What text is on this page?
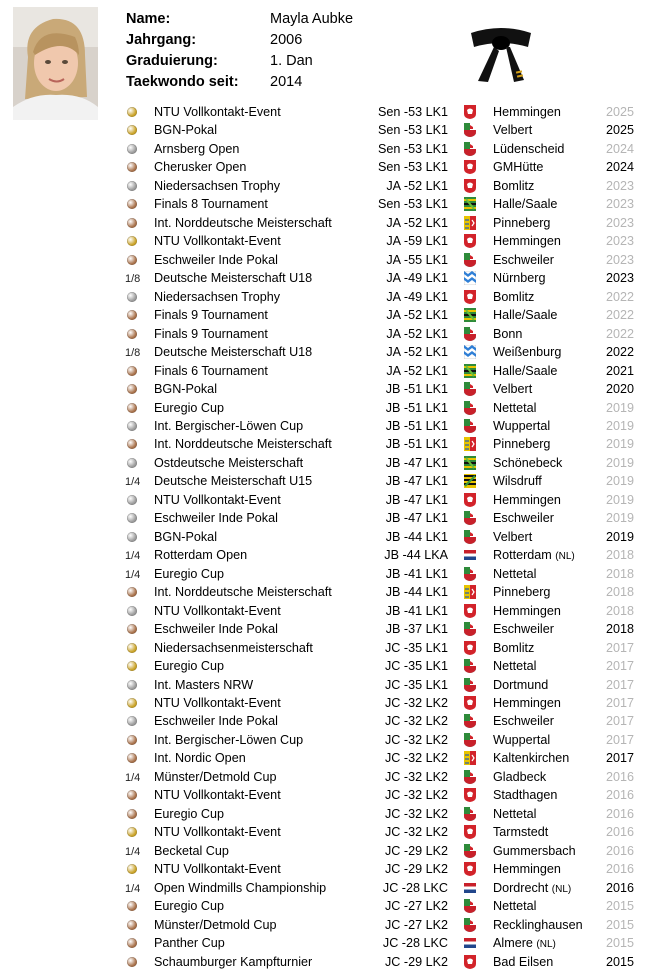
Name:	Mayla Aubke
Jahrgang:	2006
Graduierung:	1. Dan
Taekwondo seit: 2014
NTU Vollkontakt-Event	Sen -53 LK1	Hemmingen	2025
BGN-Pokal	Sen -53 LK1	Velbert	2025
Arnsberg Open	Sen -53 LK1	Lüdenscheid	2024
Cherusker Open	Sen -53 LK1	GMHütte	2024
Niedersachsen Trophy	JA -52 LK1	Bomlitz	2023
Finals 8 Tournament	Sen -53 LK1	Halle/Saale	2023
Int. Norddeutsche Meisterschaft	JA -52 LK1	Pinneberg	2023
NTU Vollkontakt-Event	JA -59 LK1	Hemmingen	2023
Eschweiler Inde Pokal	JA -55 LK1	Eschweiler	2023
1/8 Deutsche Meisterschaft U18	JA -49 LK1	Nürnberg	2023
Niedersachsen Trophy	JA -49 LK1	Bomlitz	2022
Finals 9 Tournament	JA -52 LK1	Halle/Saale	2022
Finals 9 Tournament	JA -52 LK1	Bonn	2022
1/8 Deutsche Meisterschaft U18	JA -52 LK1	Weißenburg	2022
Finals 6 Tournament	JA -52 LK1	Halle/Saale	2021
BGN-Pokal	JB -51 LK1	Velbert	2020
Euregio Cup	JB -51 LK1	Nettetal	2019
Int. Bergischer-Löwen Cup	JB -51 LK1	Wuppertal	2019
Int. Norddeutsche Meisterschaft	JB -51 LK1	Pinneberg	2019
Ostdeutsche Meisterschaft	JB -47 LK1	Schönebeck	2019
1/4 Deutsche Meisterschaft U15	JB -47 LK1	Wilsdruff	2019
NTU Vollkontakt-Event	JB -47 LK1	Hemmingen	2019
Eschweiler Inde Pokal	JB -47 LK1	Eschweiler	2019
BGN-Pokal	JB -44 LK1	Velbert	2019
1/4 Rotterdam Open	JB -44 LKA	Rotterdam (NL) 2018
1/4 Euregio Cup	JB -41 LK1	Nettetal	2018
Int. Norddeutsche Meisterschaft	JB -44 LK1	Pinneberg	2018
NTU Vollkontakt-Event	JB -41 LK1	Hemmingen	2018
Eschweiler Inde Pokal	JB -37 LK1	Eschweiler	2018
Niedersachsenmeisterschaft	JC -35 LK1	Bomlitz	2017
Euregio Cup	JC -35 LK1	Nettetal	2017
Int. Masters NRW	JC -35 LK1	Dortmund	2017
NTU Vollkontakt-Event	JC -32 LK2	Hemmingen	2017
Eschweiler Inde Pokal	JC -32 LK2	Eschweiler	2017
Int. Bergischer-Löwen Cup	JC -32 LK2	Wuppertal	2017
Int. Nordic Open	JC -32 LK2	Kaltenkirchen	2017
1/4 Münster/Detmold Cup	JC -32 LK2	Gladbeck	2016
NTU Vollkontakt-Event	JC -32 LK2	Stadthagen	2016
Euregio Cup	JC -32 LK2	Nettetal	2016
NTU Vollkontakt-Event	JC -32 LK2	Tarmstedt	2016
1/4 Becketal Cup	JC -29 LK2	Gummersbach 2016
NTU Vollkontakt-Event	JC -29 LK2	Hemmingen	2016
1/4 Open Windmills Championship	JC -28 LKC	Dordrecht (NL)	2016
Euregio Cup	JC -27 LK2	Nettetal	2015
Münster/Detmold Cup	JC -27 LK2	Recklinghausen 2015
Panther Cup	JC -28 LKC	Almere (NL)	2015
Schaumburger Kampfturnier	JC -29 LK2	Bad Eilsen	2015
